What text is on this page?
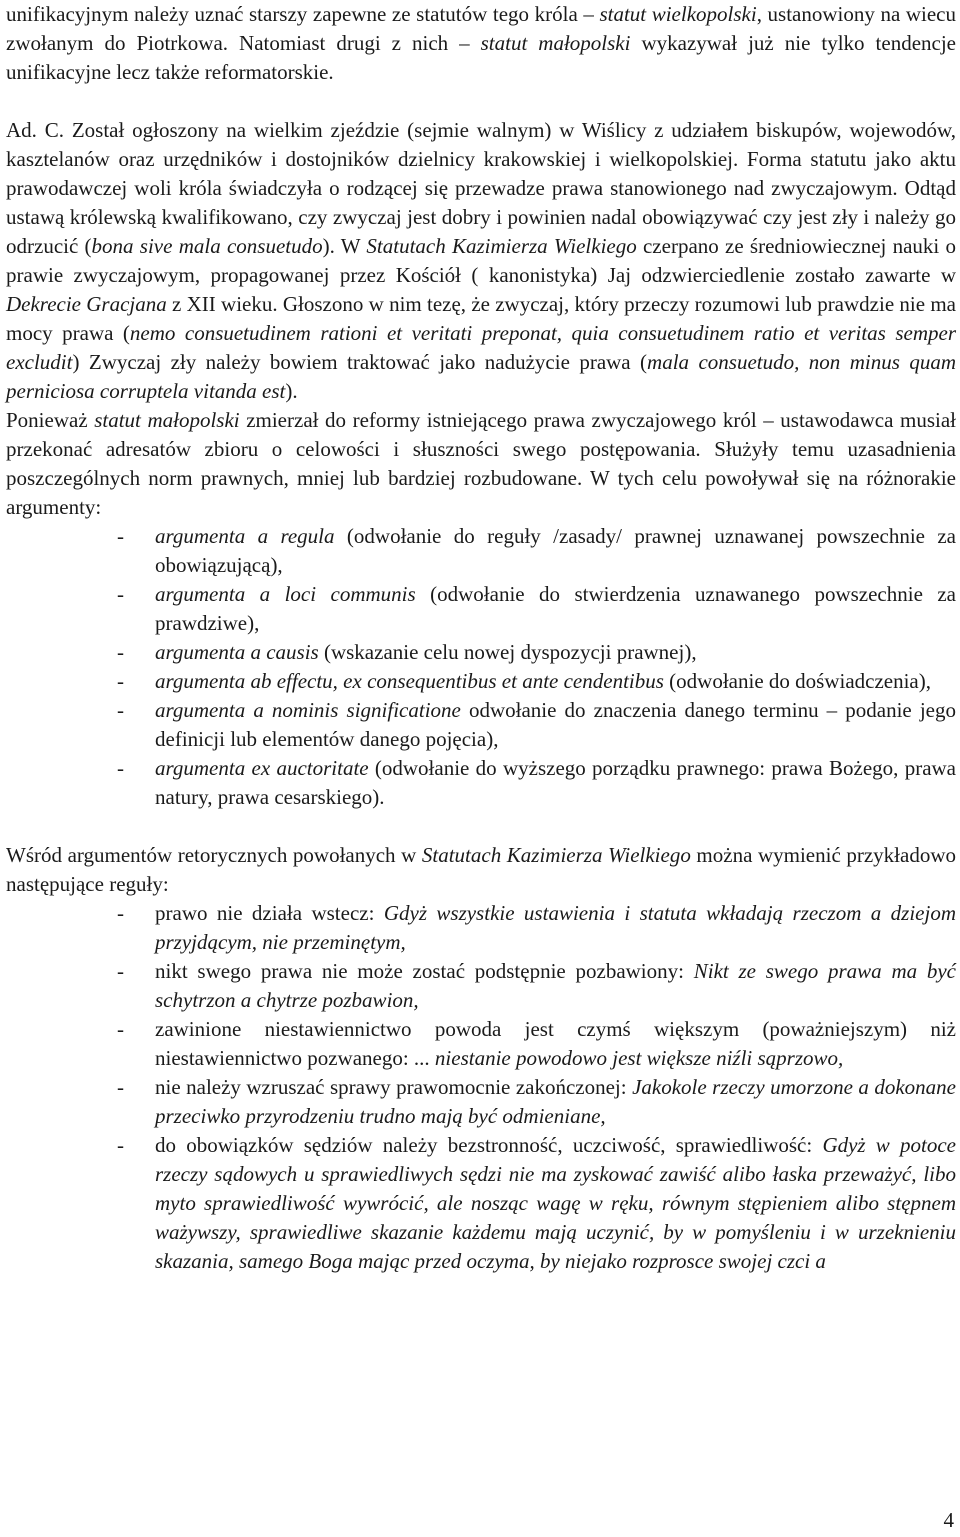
unifikacyjnym należy uznać starszy zapewne ze statutów tego króla – statut wielkopolski, ustanowiony na wiecu zwołanym do Piotrkowa. Natomiast drugi z nich – statut małopolski wykazywał już nie tylko tendencje unifikacyjne lecz także reformatorskie.

Ad. C. Został ogłoszony na wielkim zjeździe (sejmie walnym) w Wiślicy z udziałem biskupów, wojewodów, kasztelanów oraz urzędników i dostojników dzielnicy krakowskiej i wielkopolskiej. Forma statutu jako aktu prawodawczej woli króla świadczyła o rodzącej się przewadze prawa stanowionego nad zwyczajowym. Odtąd ustawą królewską kwalifikowano, czy zwyczaj jest dobry i powinien nadal obowiązywać czy jest zły i należy go odrzucić (bona sive mala consuetudo). W Statutach Kazimierza Wielkiego czerpano ze średniowiecznej nauki o prawie zwyczajowym, propagowanej przez Kościół ( kanonistyka) Jaj odzwierciedlenie zostało zawarte w Dekrecie Gracjana z XII wieku. Głoszono w nim tezę, że zwyczaj, który przeczy rozumowi lub prawdzie nie ma mocy prawa (nemo consuetudinem rationi et veritati preponat, quia consuetudinem ratio et veritas semper excludit) Zwyczaj zły należy bowiem traktować jako nadużycie prawa (mala consuetudo, non minus quam perniciosa corruptela vitanda est).

Ponieważ statut małopolski zmierzał do reformy istniejącego prawa zwyczajowego król – ustawodawca musiał przekonać adresatów zbioru o celowości i słuszności swego postępowania. Służyły temu uzasadnienia poszczególnych norm prawnych, mniej lub bardziej rozbudowane. W tych celu powoływał się na różnorakie argumenty:

- argumenta a regula (odwołanie do reguły /zasady/ prawnej uznawanej powszechnie za obowiązującą),
- argumenta a loci communis (odwołanie do stwierdzenia uznawanego powszechnie za prawdziwe),
- argumenta a causis (wskazanie celu nowej dyspozycji prawnej),
- argumenta ab effectu, ex consequentibus et ante cendentibus (odwołanie do doświadczenia),
- argumenta a nominis significatione odwołanie do znaczenia danego terminu – podanie jego definicji lub elementów danego pojęcia),
- argumenta ex auctoritate (odwołanie do wyższego porządku prawnego: prawa Bożego, prawa natury, prawa cesarskiego).

Wśród argumentów retorycznych powołanych w Statutach Kazimierza Wielkiego można wymienić przykładowo następujące reguły:

- prawo nie działa wstecz: Gdyż wszystkie ustawienia i statuta wkładają rzeczom a dziejom przyjdącym, nie przeminętym,
- nikt swego prawa nie może zostać podstępnie pozbawiony: Nikt ze swego prawa ma być schytrzon a chytrze pozbawion,
- zawinione niestawiennictwo powoda jest czymś większym (poważniejszym) niż niestawiennictwo pozwanego: ... niestanie powodowo jest większe niźli sąprzowo,
- nie należy wzruszać sprawy prawomocnie zakończonej: Jakokole rzeczy umorzone a dokonane przeciwko przyrodzeniu trudno mają być odmieniane,
- do obowiązków sędziów należy bezstronność, uczciwość, sprawiedliwość: Gdyż w potoce rzeczy sądowych u sprawiedliwych sędzi nie ma zyskować zawiść alibo łaska przeważyć, libo myto sprawiedliwość wywrócić, ale nosząc wagę w ręku, równym stępieniem alibo stępnem ważywszy, sprawiedliwe skazanie każdemu mają uczynić, by w pomyśleniu i w urzeknieniu skazania, samego Boga mając przed oczyma, by niejako rozprosce swojej czci a
4
